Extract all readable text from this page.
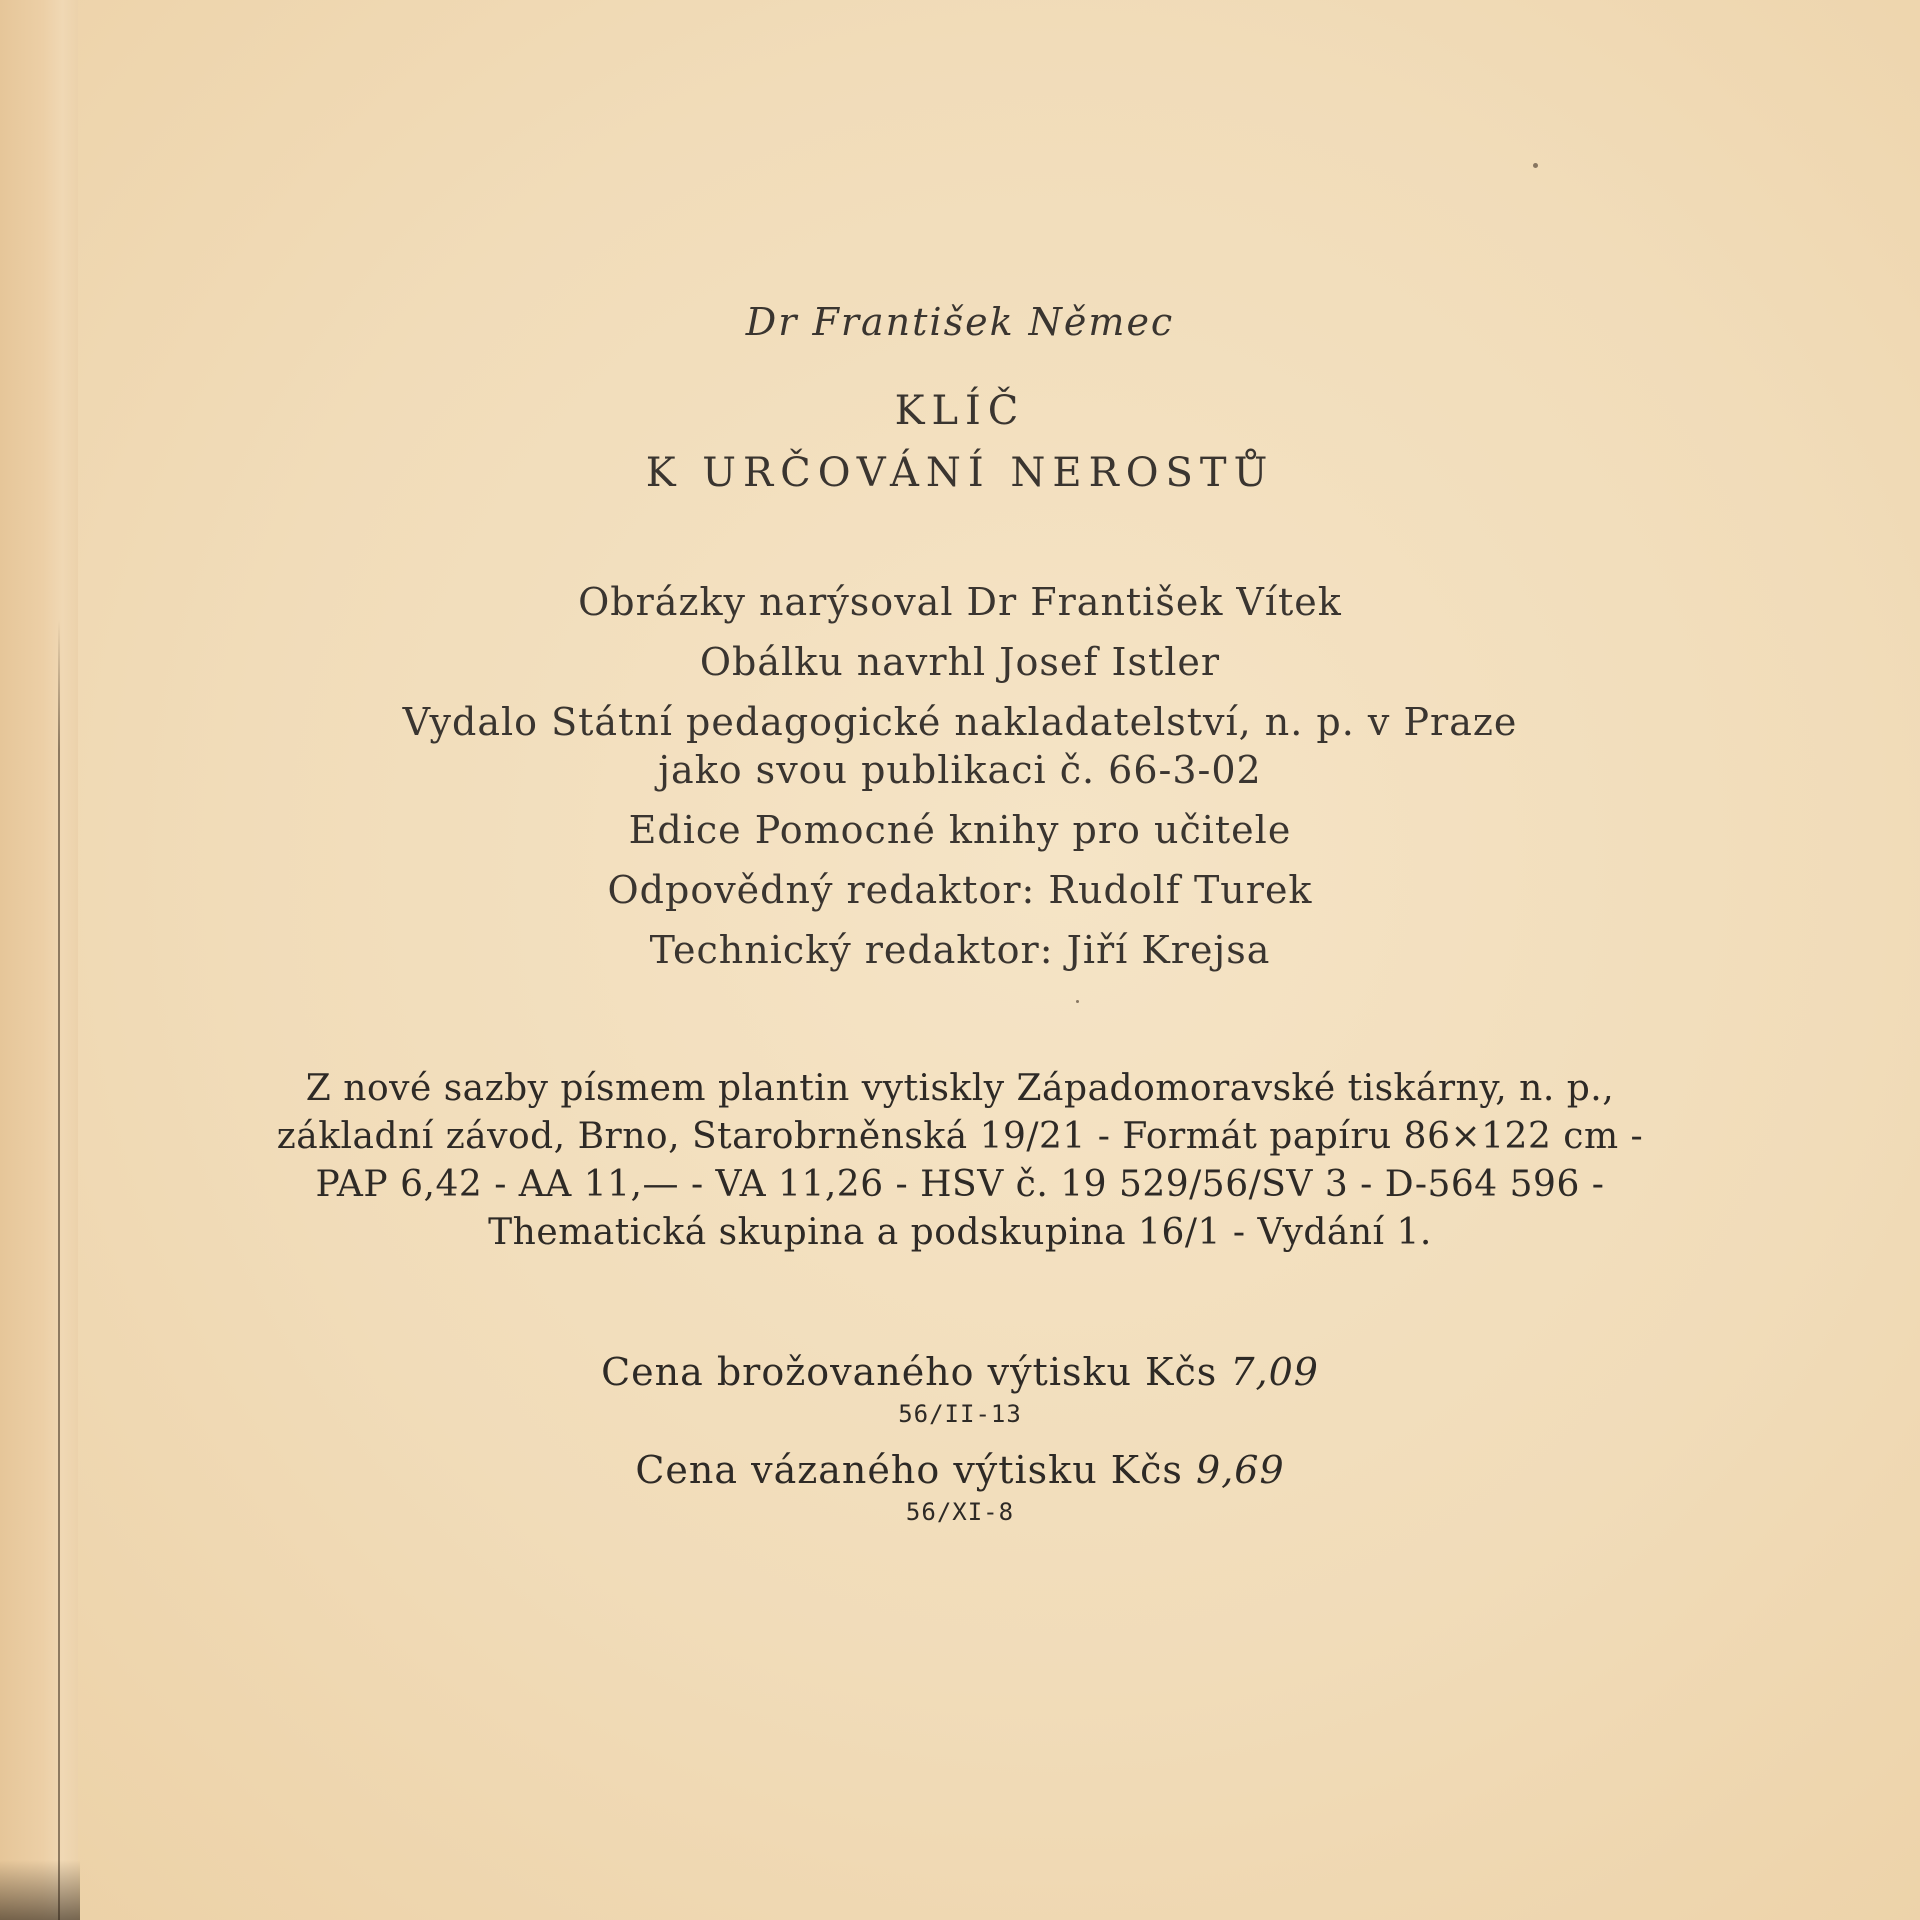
Dr František Němec
KLÍČ
K URČOVÁNÍ NEROSTŮ
Obrázky narýsoval Dr František Vítek
Obálku navrhl Josef Istler
Vydalo Státní pedagogické nakladatelství, n. p. v Praze
jako svou publikaci č. 66-3-02
Edice Pomocné knihy pro učitele
Odpovědný redaktor: Rudolf Turek
Technický redaktor: Jiří Krejsa
Z nové sazby písmem plantin vytiskly Západomoravské tiskárny, n. p.,
základní závod, Brno, Starobrněnská 19/21 - Formát papíru 86×122 cm -
PAP 6,42 - AA 11,— - VA 11,26 - HSV č. 19 529/56/SV 3 - D-564 596 -
Thematická skupina a podskupina 16/1 - Vydání 1.
Cena brožovaného výtisku Kčs 7,09
56/II-13
Cena vázaného výtisku Kčs 9,69
56/XI-8
